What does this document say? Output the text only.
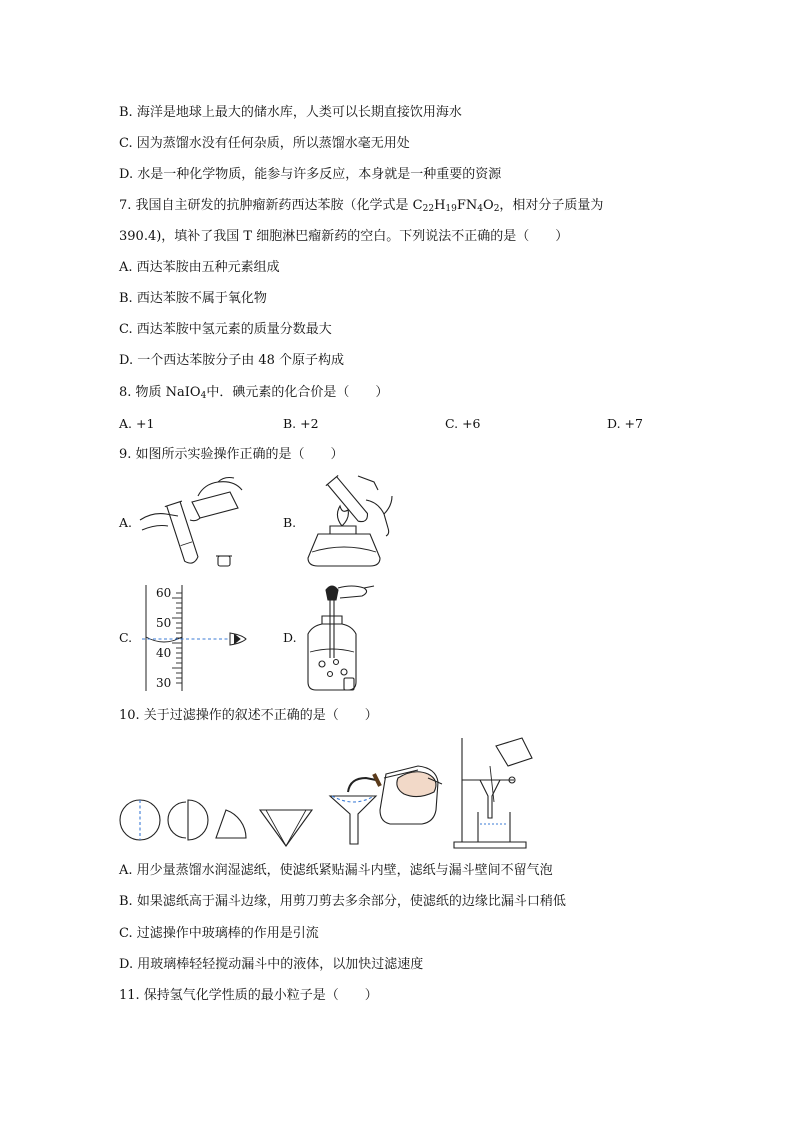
B. 海洋是地球上最大的储水库，人类可以长期直接饮用海水
C. 因为蒸馏水没有任何杂质，所以蒸馏水毫无用处
D. 水是一种化学物质，能参与许多反应，本身就是一种重要的资源
7. 我国自主研发的抗肿瘤新药西达苯胺（化学式是 $C_{22}H_{19}FN_4O_2$，相对分子质量为
390.4)，填补了我国 T 细胞淋巴瘤新药的空白。下列说法不正确的是（　　）
A. 西达苯胺由五种元素组成
B. 西达苯胺不属于氧化物
C. 西达苯胺中氢元素的质量分数最大
D. 一个西达苯胺分子由 48 个原子构成
8. 物质 NaIO$_4$中．碘元素的化合价是（　　）
A. +1	B. +2	C. +6	D. +7
9. 如图所示实验操作正确的是（　　）
A.	B.
C.	D.
60
50
40
30
10. 关于过滤操作的叙述不正确的是（　　）
A. 用少量蒸馏水润湿滤纸，使滤纸紧贴漏斗内壁，滤纸与漏斗壁间不留气泡
B. 如果滤纸高于漏斗边缘，用剪刀剪去多余部分，使滤纸的边缘比漏斗口稍低
C. 过滤操作中玻璃棒的作用是引流
D. 用玻璃棒轻轻搅动漏斗中的液体，以加快过滤速度
11. 保持氢气化学性质的最小粒子是（　　）
